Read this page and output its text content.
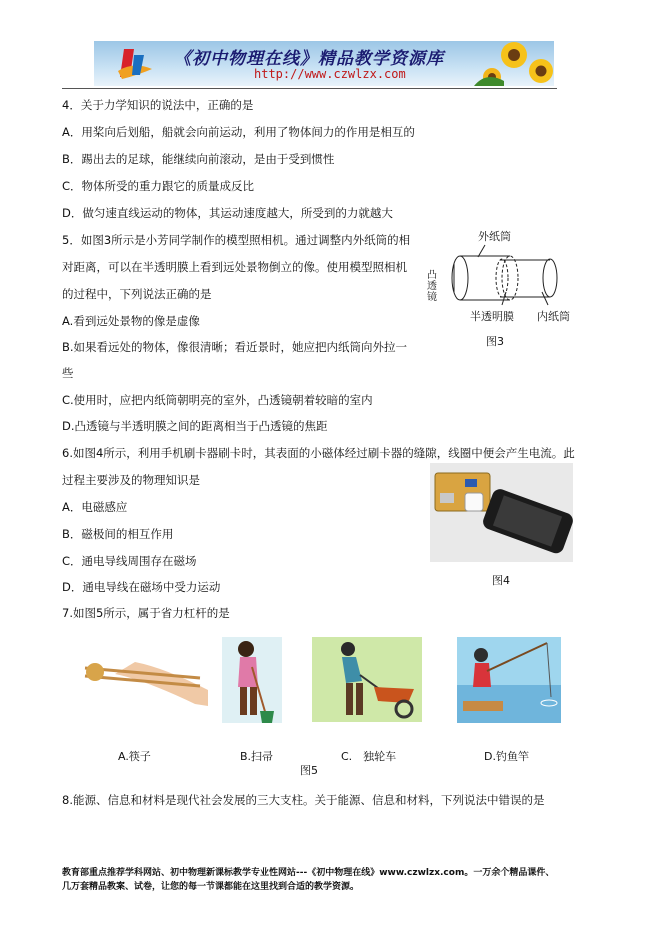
《初中物理在线》精品教学资源库
http://www.czwlzx.com
4．关于力学知识的说法中，正确的是
A．用桨向后划船，船就会向前运动，利用了物体间力的作用是相互的
B．踢出去的足球，能继续向前滚动，是由于受到惯性
C．物体所受的重力跟它的质量成反比
D．做匀速直线运动的物体，其运动速度越大，所受到的力就越大
5．如图3所示是小芳同学制作的模型照相机。通过调整内外纸筒的相
对距离，可以在半透明膜上看到远处景物倒立的像。使用模型照相机
的过程中，下列说法正确的是
A.看到远处景物的像是虚像
B.如果看远处的物体，像很清晰；看近景时，她应把内纸筒向外拉一
些
C.使用时，应把内纸筒朝明亮的室外，凸透镜朝着较暗的室内
D.凸透镜与半透明膜之间的距离相当于凸透镜的焦距
外纸筒
凸透镜
半透明膜 内纸筒
图3
6.如图4所示，利用手机刷卡器刷卡时，其表面的小磁体经过刷卡器的缝隙，线圈中便会产生电流。此
过程主要涉及的物理知识是
A．电磁感应
B．磁极间的相互作用
C．通电导线周围存在磁场
D．通电导线在磁场中受力运动	图4
7.如图5所示，属于省力杠杆的是
A.筷子	B.扫帚	C.　独轮车	D.钓鱼竿
图5
8.能源、信息和材料是现代社会发展的三大支柱。关于能源、信息和材料，下列说法中错误的是
教育部重点推荐学科网站、初中物理新课标教学专业性网站---《初中物理在线》www.czwlzx.com。一万余个精品课件、
几万套精品教案、试卷，让您的每一节课都能在这里找到合适的教学资源。
